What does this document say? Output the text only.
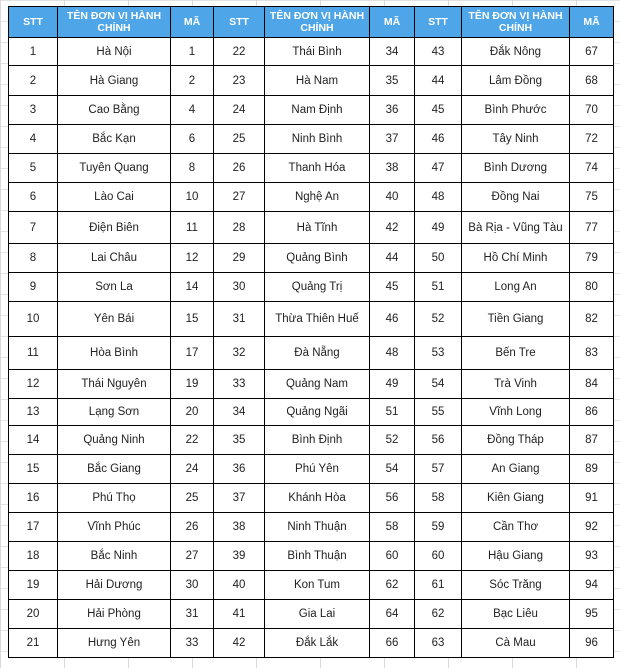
STT	TÊN ĐƠN VỊ HÀNH CHÍNH	MÃ	STT	TÊN ĐƠN VỊ HÀNH CHÍNH	MÃ	STT	TÊN ĐƠN VỊ HÀNH CHÍNH	MÃ
1	Hà Nội	1	22	Thái Bình	34	43	Đắk Nông	67
2	Hà Giang	2	23	Hà Nam	35	44	Lâm Đồng	68
3	Cao Bằng	4	24	Nam Định	36	45	Bình Phước	70
4	Bắc Kạn	6	25	Ninh Bình	37	46	Tây Ninh	72
5	Tuyên Quang	8	26	Thanh Hóa	38	47	Bình Dương	74
6	Lào Cai	10	27	Nghệ An	40	48	Đồng Nai	75
7	Điện Biên	11	28	Hà Tĩnh	42	49	Bà Rịa - Vũng Tàu	77
8	Lai Châu	12	29	Quảng Bình	44	50	Hồ Chí Minh	79
9	Sơn La	14	30	Quảng Trị	45	51	Long An	80
10	Yên Bái	15	31	Thừa Thiên Huế	46	52	Tiền Giang	82
11	Hòa Bình	17	32	Đà Nẵng	48	53	Bến Tre	83
12	Thái Nguyên	19	33	Quảng Nam	49	54	Trà Vinh	84
13	Lạng Sơn	20	34	Quảng Ngãi	51	55	Vĩnh Long	86
14	Quảng Ninh	22	35	Bình Định	52	56	Đồng Tháp	87
15	Bắc Giang	24	36	Phú Yên	54	57	An Giang	89
16	Phú Thọ	25	37	Khánh Hòa	56	58	Kiên Giang	91
17	Vĩnh Phúc	26	38	Ninh Thuận	58	59	Cần Thơ	92
18	Bắc Ninh	27	39	Bình Thuận	60	60	Hậu Giang	93
19	Hải Dương	30	40	Kon Tum	62	61	Sóc Trăng	94
20	Hải Phòng	31	41	Gia Lai	64	62	Bạc Liêu	95
21	Hưng Yên	33	42	Đắk Lắk	66	63	Cà Mau	96
